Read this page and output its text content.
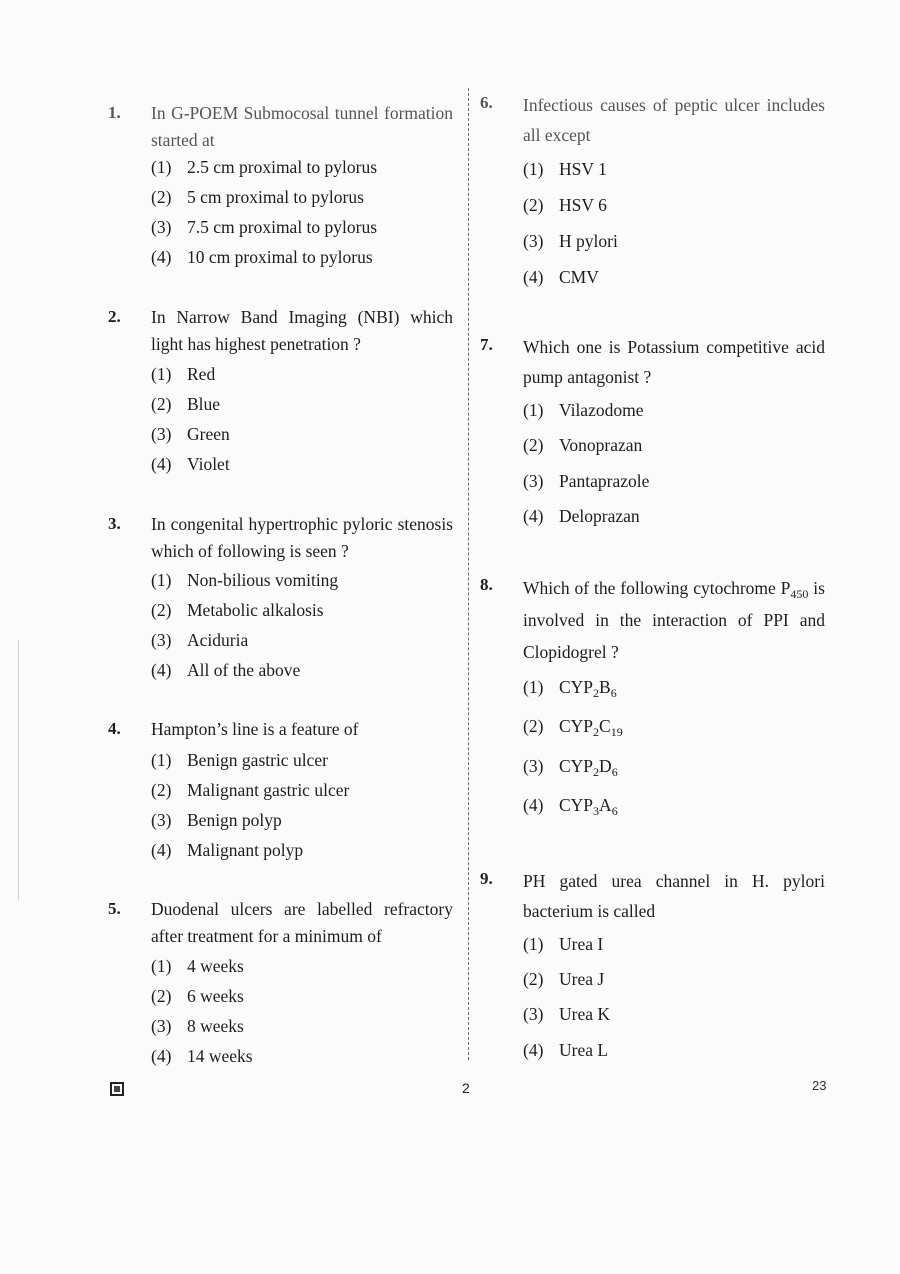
1.	In G-POEM Submocosal tunnel formation started at
(1) 2.5 cm proximal to pylorus
(2) 5 cm proximal to pylorus
(3) 7.5 cm proximal to pylorus
(4) 10 cm proximal to pylorus
2.	In Narrow Band Imaging (NBI) which light has highest penetration ?
(1) Red
(2) Blue
(3) Green
(4) Violet
3.	In congenital hypertrophic pyloric stenosis which of following is seen ?
(1) Non-bilious vomiting
(2) Metabolic alkalosis
(3) Aciduria
(4) All of the above
4.	Hampton’s line is a feature of
(1) Benign gastric ulcer
(2) Malignant gastric ulcer
(3) Benign polyp
(4) Malignant polyp
5.	Duodenal ulcers are labelled refractory after treatment for a minimum of
(1) 4 weeks
(2) 6 weeks
(3) 8 weeks
(4) 14 weeks
6.	Infectious causes of peptic ulcer includes all except
(1) HSV 1
(2) HSV 6
(3) H pylori
(4) CMV
7.	Which one is Potassium competitive acid pump antagonist ?
(1) Vilazodome
(2) Vonoprazan
(3) Pantaprazole
(4) Deloprazan
8.	Which of the following cytochrome $P_{450}$ is involved in the interaction of PPI and Clopidogrel ?
(1) $CYP_2B_6$
(2) $CYP_2C_{19}$
(3) $CYP_2D_6$
(4) $CYP_3A_6$
9.	PH gated urea channel in H. pylori bacterium is called
(1) Urea I
(2) Urea J
(3) Urea K
(4) Urea L
2	23
